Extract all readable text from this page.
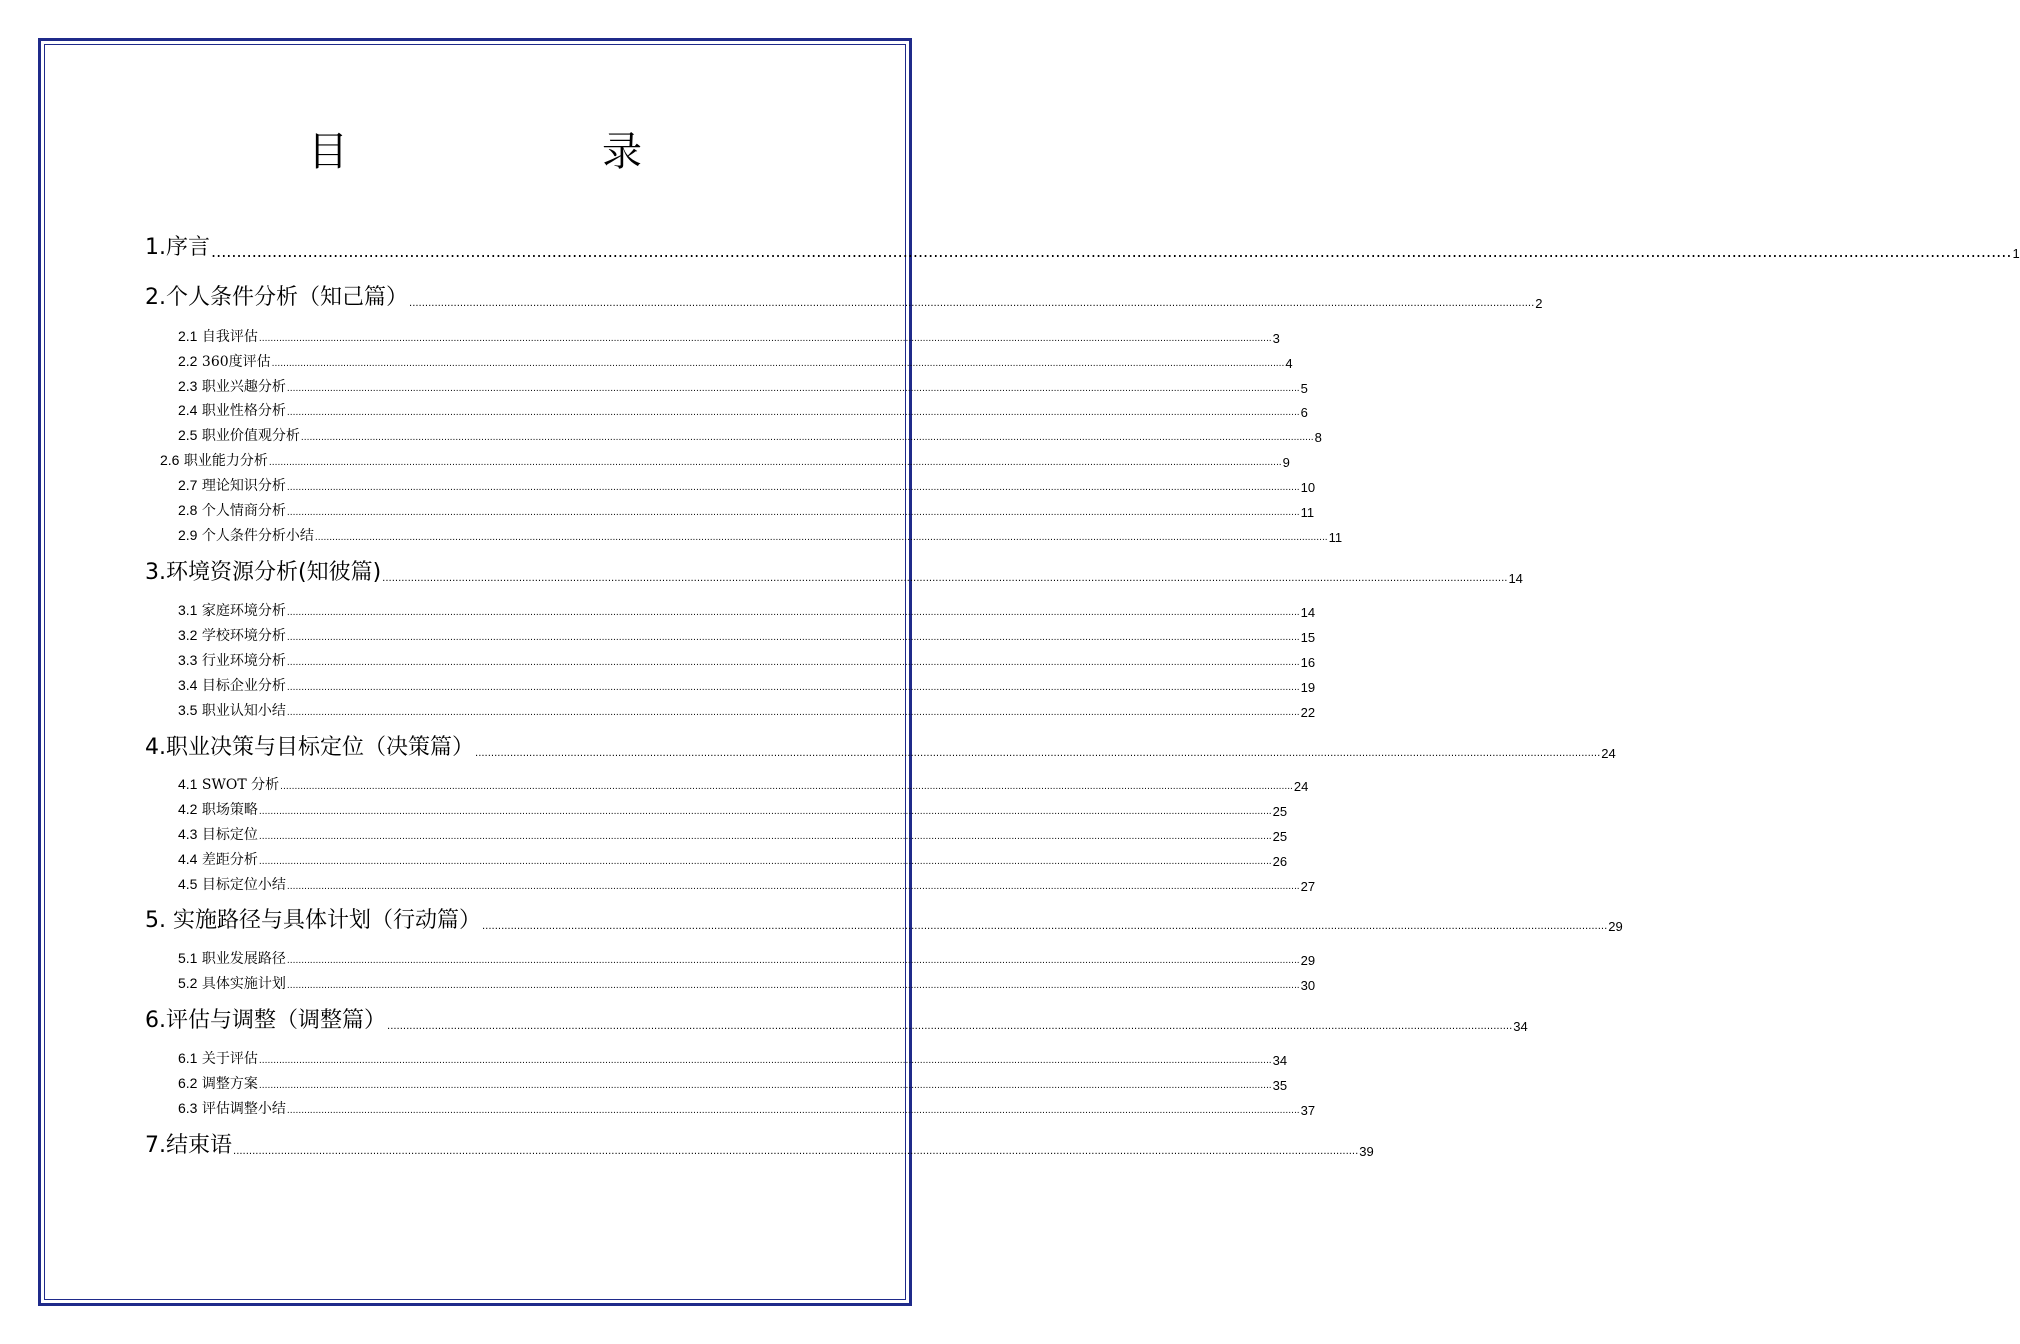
目　　录
1.序言 .................................................................................................................................................................................................................................................................................................................................................................. 1
2.个人条件分析（知己篇） .................................................................................................................................................................................................................................................................................................................................................................. 2
2.1 自我评估 .................................................................................................................................................................................................................................................................................................................................................................. 3
2.2 360度评估 .................................................................................................................................................................................................................................................................................................................................................................. 4
2.3 职业兴趣分析 .................................................................................................................................................................................................................................................................................................................................................................. 5
2.4 职业性格分析 .................................................................................................................................................................................................................................................................................................................................................................. 6
2.5 职业价值观分析 .................................................................................................................................................................................................................................................................................................................................................................. 8
2.6 职业能力分析 .................................................................................................................................................................................................................................................................................................................................................................. 9
2.7 理论知识分析 .................................................................................................................................................................................................................................................................................................................................................................. 10
2.8 个人情商分析 .................................................................................................................................................................................................................................................................................................................................................................. 11
2.9 个人条件分析小结 .................................................................................................................................................................................................................................................................................................................................................................. 11
3.环境资源分析(知彼篇) .................................................................................................................................................................................................................................................................................................................................................................. 14
3.1 家庭环境分析 .................................................................................................................................................................................................................................................................................................................................................................. 14
3.2 学校环境分析 .................................................................................................................................................................................................................................................................................................................................................................. 15
3.3 行业环境分析 .................................................................................................................................................................................................................................................................................................................................................................. 16
3.4 目标企业分析 .................................................................................................................................................................................................................................................................................................................................................................. 19
3.5 职业认知小结 .................................................................................................................................................................................................................................................................................................................................................................. 22
4.职业决策与目标定位（决策篇） .................................................................................................................................................................................................................................................................................................................................................................. 24
4.1 SWOT 分析 .................................................................................................................................................................................................................................................................................................................................................................. 24
4.2 职场策略 .................................................................................................................................................................................................................................................................................................................................................................. 25
4.3 目标定位 .................................................................................................................................................................................................................................................................................................................................................................. 25
4.4 差距分析 .................................................................................................................................................................................................................................................................................................................................................................. 26
4.5 目标定位小结 .................................................................................................................................................................................................................................................................................................................................................................. 27
5. 实施路径与具体计划（行动篇） .................................................................................................................................................................................................................................................................................................................................................................. 29
5.1 职业发展路径 .................................................................................................................................................................................................................................................................................................................................................................. 29
5.2 具体实施计划 .................................................................................................................................................................................................................................................................................................................................................................. 30
6.评估与调整（调整篇） .................................................................................................................................................................................................................................................................................................................................................................. 34
6.1 关于评估 .................................................................................................................................................................................................................................................................................................................................................................. 34
6.2 调整方案 .................................................................................................................................................................................................................................................................................................................................................................. 35
6.3 评估调整小结 .................................................................................................................................................................................................................................................................................................................................................................. 37
7.结束语 .................................................................................................................................................................................................................................................................................................................................................................. 39
